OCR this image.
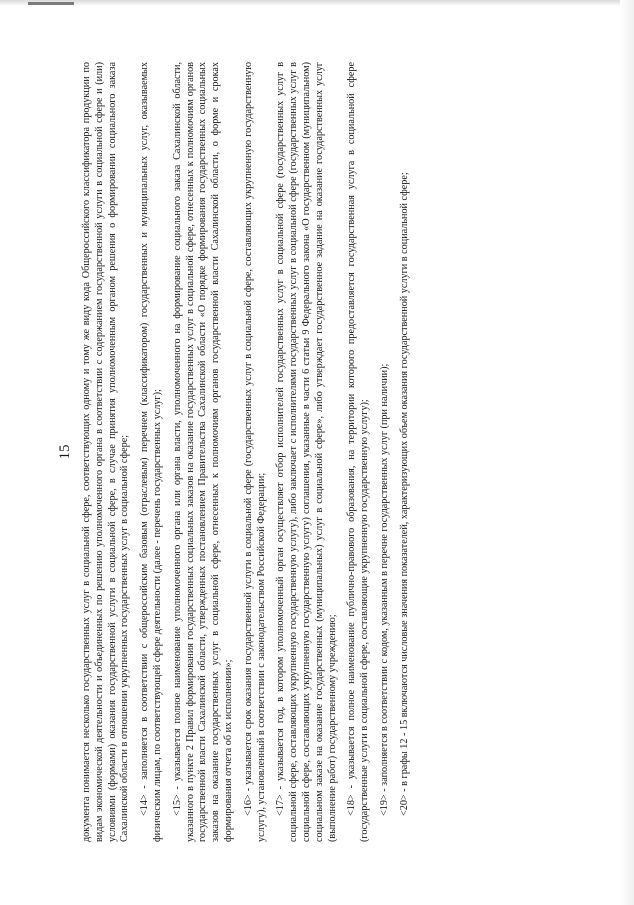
15 документа понимается несколько государственных услуг в социальной сфере, соответствующих одному и тому же виду кода Общероссийского классификатора продукции по видам экономической деятельности и объединенных по решению уполномоченного органа в соответствии с содержанием государственной услуги в социальной сфере и (или) условиями (формами) оказания государственной услуги в социальной сфере, в случае принятия уполномоченным органом решения о формировании социального заказа Сахалинской области в отношении укрупненных государственных услуг в социальной сфере; <14> - заполняется в соответствии с общероссийским базовым (отраслевым) перечнем (классификатором) государственных и муниципальных услуг, оказываемых физическим лицам, по соответствующей сфере деятельности (далее - перечень государственных услуг); <15> - указывается полное наименование уполномоченного органа или органа власти, уполномоченного на формирование социального заказа Сахалинской области, указанного в пункте 2 Правил формирования государственных социальных заказов на оказание государственных услуг в социальной сфере, отнесенных к полномочиям органов государственной власти Сахалинской области, утвержденных постановлением Правительства Сахалинской области «О порядке формирования государственных социальных заказов на оказание государственных услуг в социальной сфере, отнесенных к полномочиям органов государственной власти Сахалинской области, о форме и сроках формирования отчета об их исполнении»; <16> - указывается срок оказания государственной услуги в социальной сфере (государственных услуг в социальной сфере, составляющих укрупненную государственную услугу), установленный в соответствии с законодательством Российской Федерации; <17> - указывается год, в котором уполномоченный орган осуществляет отбор исполнителей государственных услуг в социальной сфере (государственных услуг в социальной сфере, составляющих укрупненную государственную услугу), либо заключает с исполнителями государственных услуг в социальной сфере (государственных услуг в социальной сфере, составляющих укрупненную государственную услугу) соглашения, указанные в части 6 статьи 9 Федерального закона «О государственном (муниципальном) социальном заказе на оказание государственных (муниципальных) услуг в социальной сфере», либо утверждает государственное задание на оказание государственных услуг (выполнение работ) государственному учреждению; <18> - указывается полное наименование публично-правового образования, на территории которого предоставляется государственная услуга в социальной сфере (государственные услуги в социальной сфере, составляющие укрупненную государственную услугу); <19> - заполняется в соответствии с кодом, указанным в перечне государственных услуг (при наличии); <20> - в графы 12 - 15 включаются числовые значения показателей, характеризующих объем оказания государственной услуги в социальной сфере;
